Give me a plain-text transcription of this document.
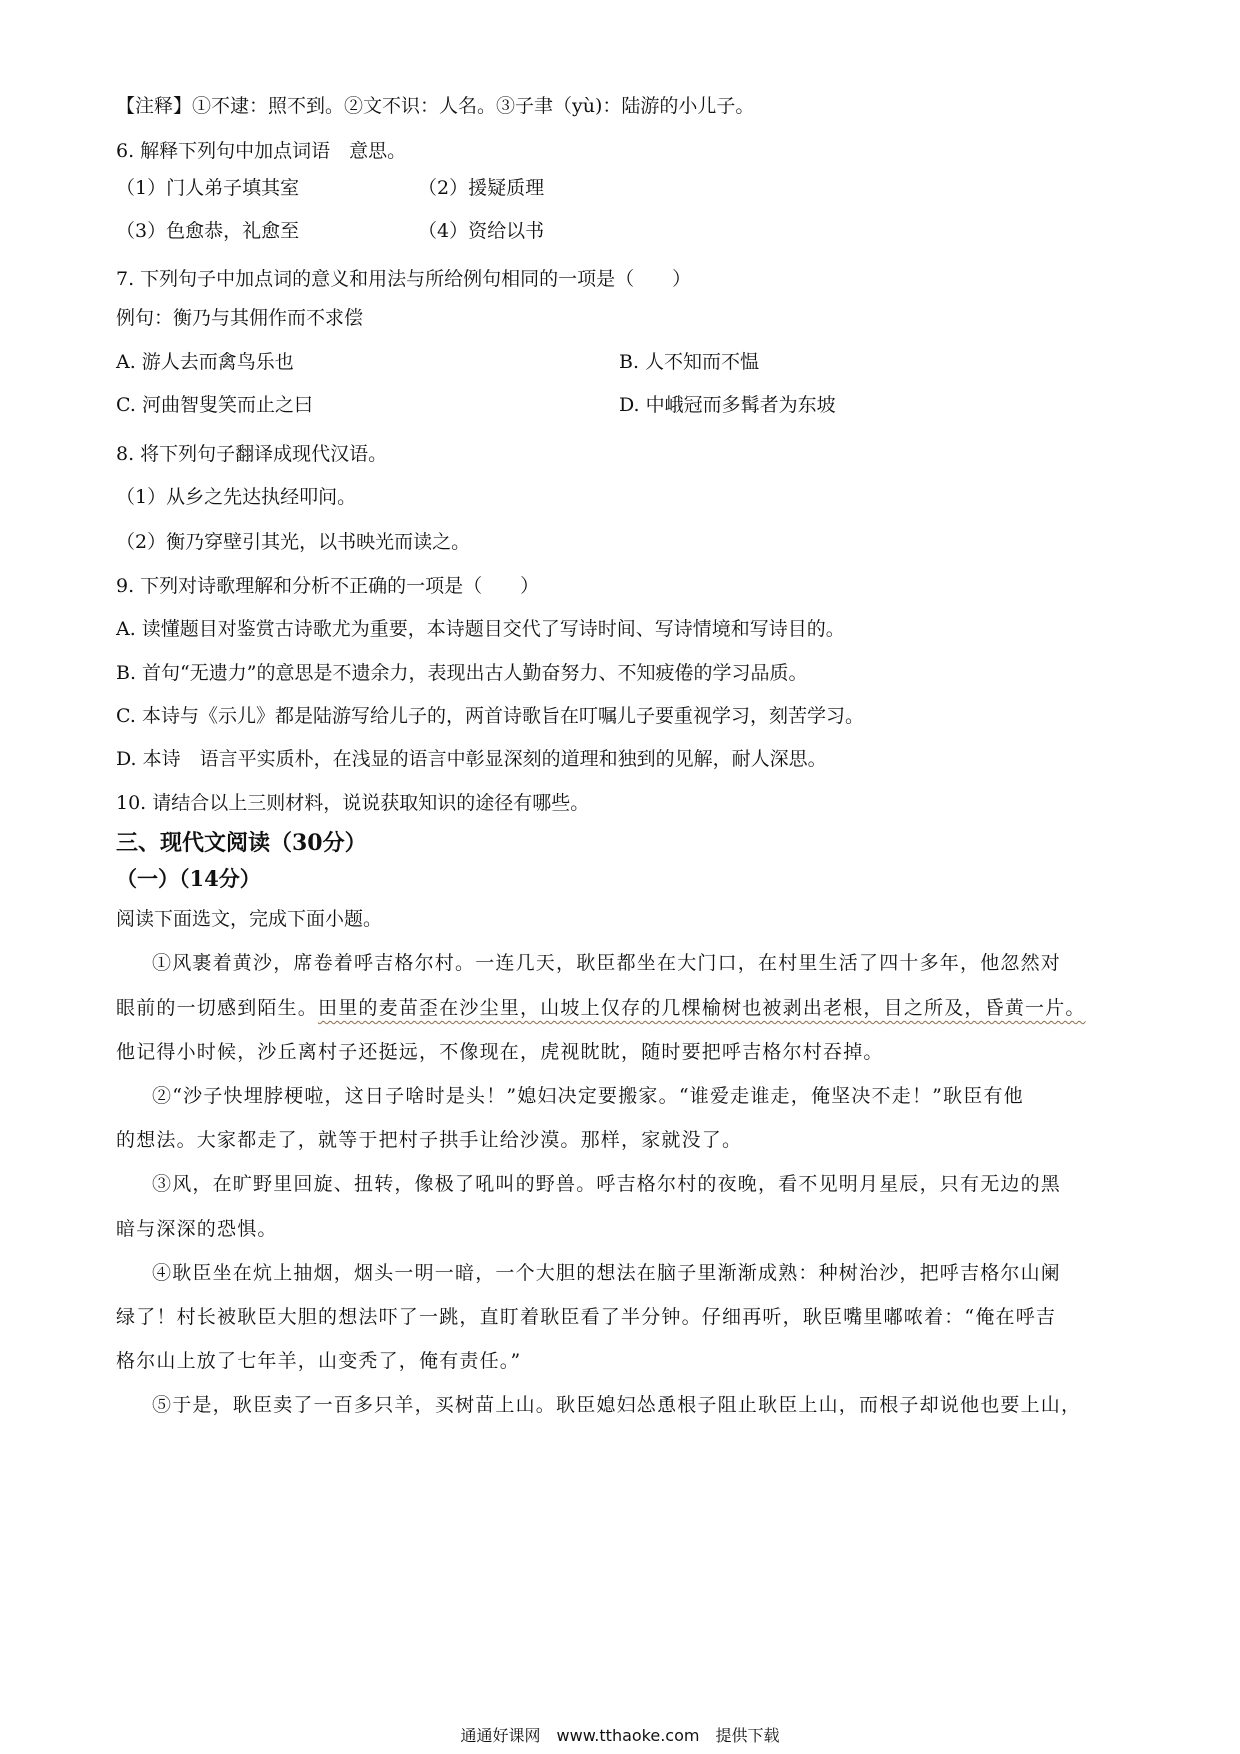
【注释】①不逮：照不到。②文不识：人名。③子聿（yù)：陆游的小儿子。
6. 解释下列句中加点词语　意思。
（1）门人弟子填其室	（2）援疑质理
（3）色愈恭，礼愈至	（4）资给以书
7. 下列句子中加点词的意义和用法与所给例句相同的一项是（　　）
例句：衡乃与其佣作而不求偿
A. 游人去而禽鸟乐也	B. 人不知而不愠
C. 河曲智叟笑而止之曰	D. 中峨冠而多髯者为东坡
8. 将下列句子翻译成现代汉语。
（1）从乡之先达执经叩问。
（2）衡乃穿壁引其光，以书映光而读之。
9. 下列对诗歌理解和分析不正确的一项是（　　）
A. 读懂题目对鉴赏古诗歌尤为重要，本诗题目交代了写诗时间、写诗情境和写诗目的。
B. 首句“无遗力”的意思是不遗余力，表现出古人勤奋努力、不知疲倦的学习品质。
C. 本诗与《示儿》都是陆游写给儿子的，两首诗歌旨在叮嘱儿子要重视学习，刻苦学习。
D. 本诗　语言平实质朴，在浅显的语言中彰显深刻的道理和独到的见解，耐人深思。
10. 请结合以上三则材料，说说获取知识的途径有哪些。
三、现代文阅读（30分）
（一）（14分）
阅读下面选文，完成下面小题。
①风裹着黄沙，席卷着呼吉格尔村。一连几天，耿臣都坐在大门口，在村里生活了四十多年，他忽然对
眼前的一切感到陌生。田里的麦苗歪在沙尘里，山坡上仅存的几棵榆树也被剥出老根，目之所及，昏黄一片。
他记得小时候，沙丘离村子还挺远，不像现在，虎视眈眈，随时要把呼吉格尔村吞掉。
②“沙子快埋脖梗啦，这日子啥时是头！”媳妇决定要搬家。“谁爱走谁走，俺坚决不走！”耿臣有他
的想法。大家都走了，就等于把村子拱手让给沙漠。那样，家就没了。
③风，在旷野里回旋、扭转，像极了吼叫的野兽。呼吉格尔村的夜晚，看不见明月星辰，只有无边的黑
暗与深深的恐惧。
④耿臣坐在炕上抽烟，烟头一明一暗，一个大胆的想法在脑子里渐渐成熟：种树治沙，把呼吉格尔山阑
绿了！村长被耿臣大胆的想法吓了一跳，直盯着耿臣看了半分钟。仔细再听，耿臣嘴里嘟哝着：“俺在呼吉
格尔山上放了七年羊，山变秃了，俺有责任。”
⑤于是，耿臣卖了一百多只羊，买树苗上山。耿臣媳妇怂恿根子阻止耿臣上山，而根子却说他也要上山，
通通好课网　www.tthaoke.com　提供下载
